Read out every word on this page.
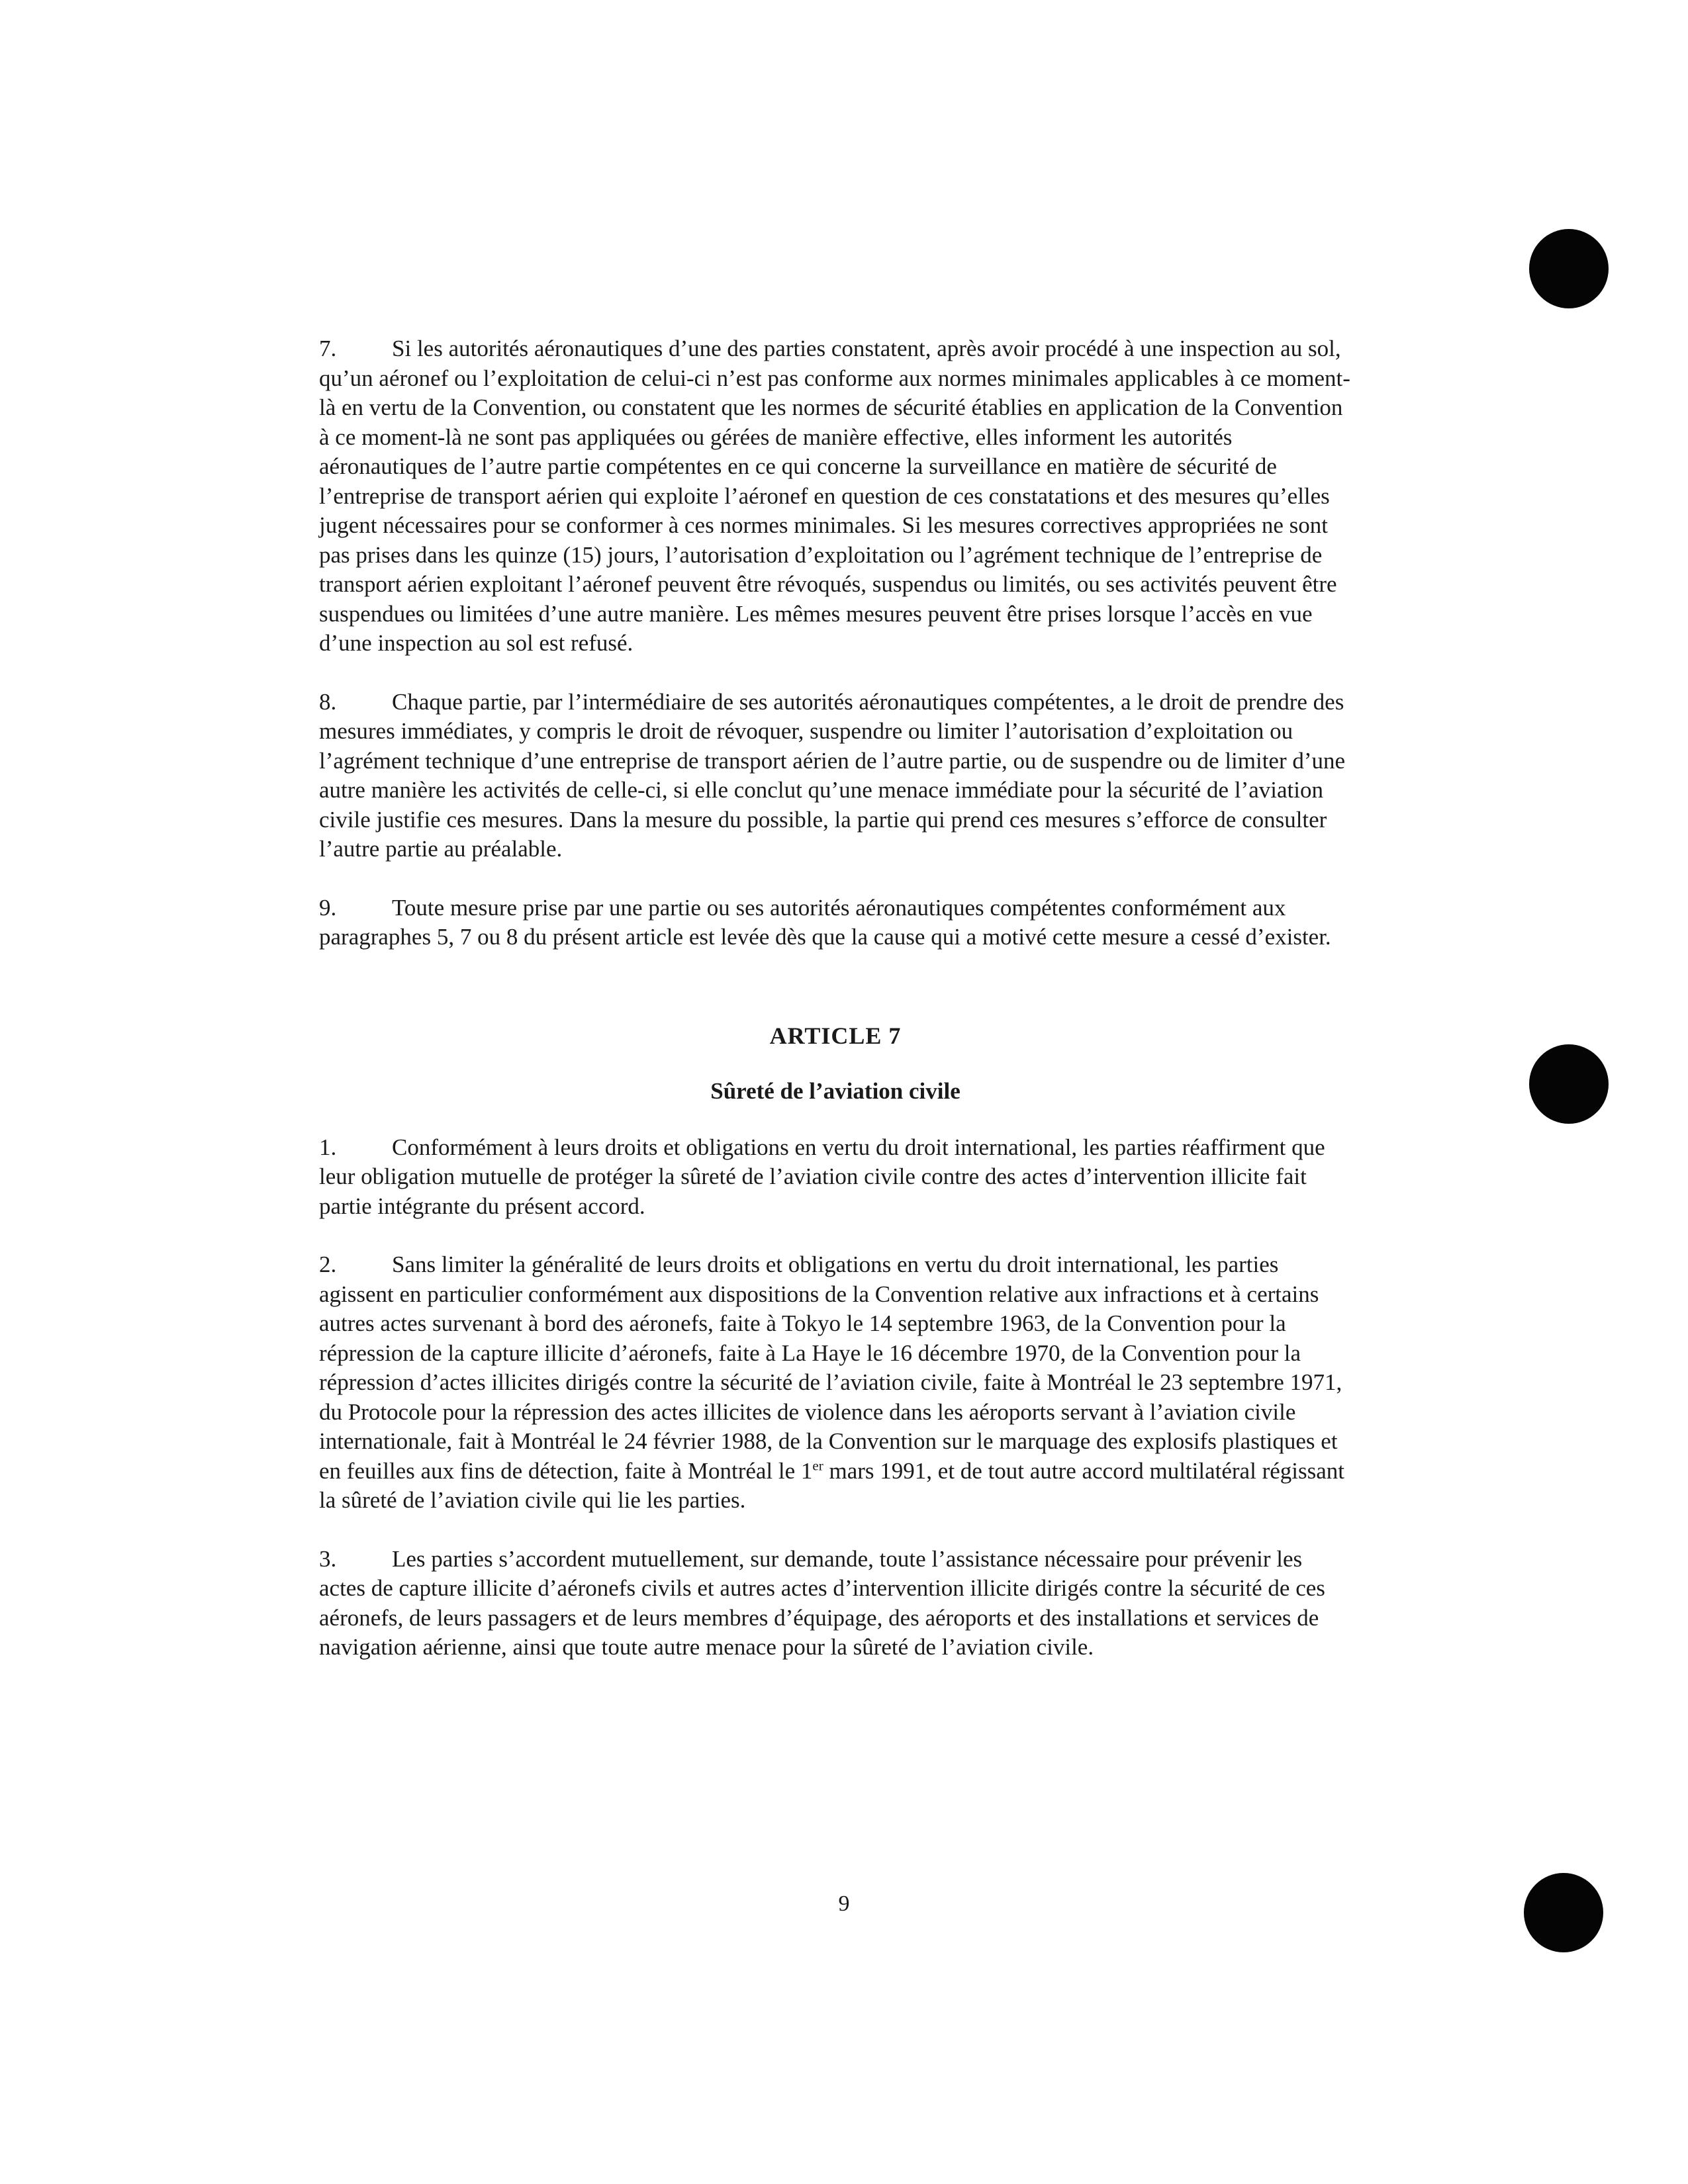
7. Si les autorités aéronautiques d’une des parties constatent, après avoir procédé à une inspection au sol, qu’un aéronef ou l’exploitation de celui-ci n’est pas conforme aux normes minimales applicables à ce moment-là en vertu de la Convention, ou constatent que les normes de sécurité établies en application de la Convention à ce moment-là ne sont pas appliquées ou gérées de manière effective, elles informent les autorités aéronautiques de l’autre partie compétentes en ce qui concerne la surveillance en matière de sécurité de l’entreprise de transport aérien qui exploite l’aéronef en question de ces constatations et des mesures qu’elles jugent nécessaires pour se conformer à ces normes minimales. Si les mesures correctives appropriées ne sont pas prises dans les quinze (15) jours, l’autorisation d’exploitation ou l’agrément technique de l’entreprise de transport aérien exploitant l’aéronef peuvent être révoqués, suspendus ou limités, ou ses activités peuvent être suspendues ou limitées d’une autre manière. Les mêmes mesures peuvent être prises lorsque l’accès en vue d’une inspection au sol est refusé.

8. Chaque partie, par l’intermédiaire de ses autorités aéronautiques compétentes, a le droit de prendre des mesures immédiates, y compris le droit de révoquer, suspendre ou limiter l’autorisation d’exploitation ou l’agrément technique d’une entreprise de transport aérien de l’autre partie, ou de suspendre ou de limiter d’une autre manière les activités de celle-ci, si elle conclut qu’une menace immédiate pour la sécurité de l’aviation civile justifie ces mesures. Dans la mesure du possible, la partie qui prend ces mesures s’efforce de consulter l’autre partie au préalable.

9. Toute mesure prise par une partie ou ses autorités aéronautiques compétentes conformément aux paragraphes 5, 7 ou 8 du présent article est levée dès que la cause qui a motivé cette mesure a cessé d’exister.

ARTICLE 7
Sûreté de l’aviation civile

1. Conformément à leurs droits et obligations en vertu du droit international, les parties réaffirment que leur obligation mutuelle de protéger la sûreté de l’aviation civile contre des actes d’intervention illicite fait partie intégrante du présent accord.

2. Sans limiter la généralité de leurs droits et obligations en vertu du droit international, les parties agissent en particulier conformément aux dispositions de la Convention relative aux infractions et à certains autres actes survenant à bord des aéronefs, faite à Tokyo le 14 septembre 1963, de la Convention pour la répression de la capture illicite d’aéronefs, faite à La Haye le 16 décembre 1970, de la Convention pour la répression d’actes illicites dirigés contre la sécurité de l’aviation civile, faite à Montréal le 23 septembre 1971, du Protocole pour la répression des actes illicites de violence dans les aéroports servant à l’aviation civile internationale, fait à Montréal le 24 février 1988, de la Convention sur le marquage des explosifs plastiques et en feuilles aux fins de détection, faite à Montréal le 1er mars 1991, et de tout autre accord multilatéral régissant la sûreté de l’aviation civile qui lie les parties.

3. Les parties s’accordent mutuellement, sur demande, toute l’assistance nécessaire pour prévenir les actes de capture illicite d’aéronefs civils et autres actes d’intervention illicite dirigés contre la sécurité de ces aéronefs, de leurs passagers et de leurs membres d’équipage, des aéroports et des installations et services de navigation aérienne, ainsi que toute autre menace pour la sûreté de l’aviation civile.

9
